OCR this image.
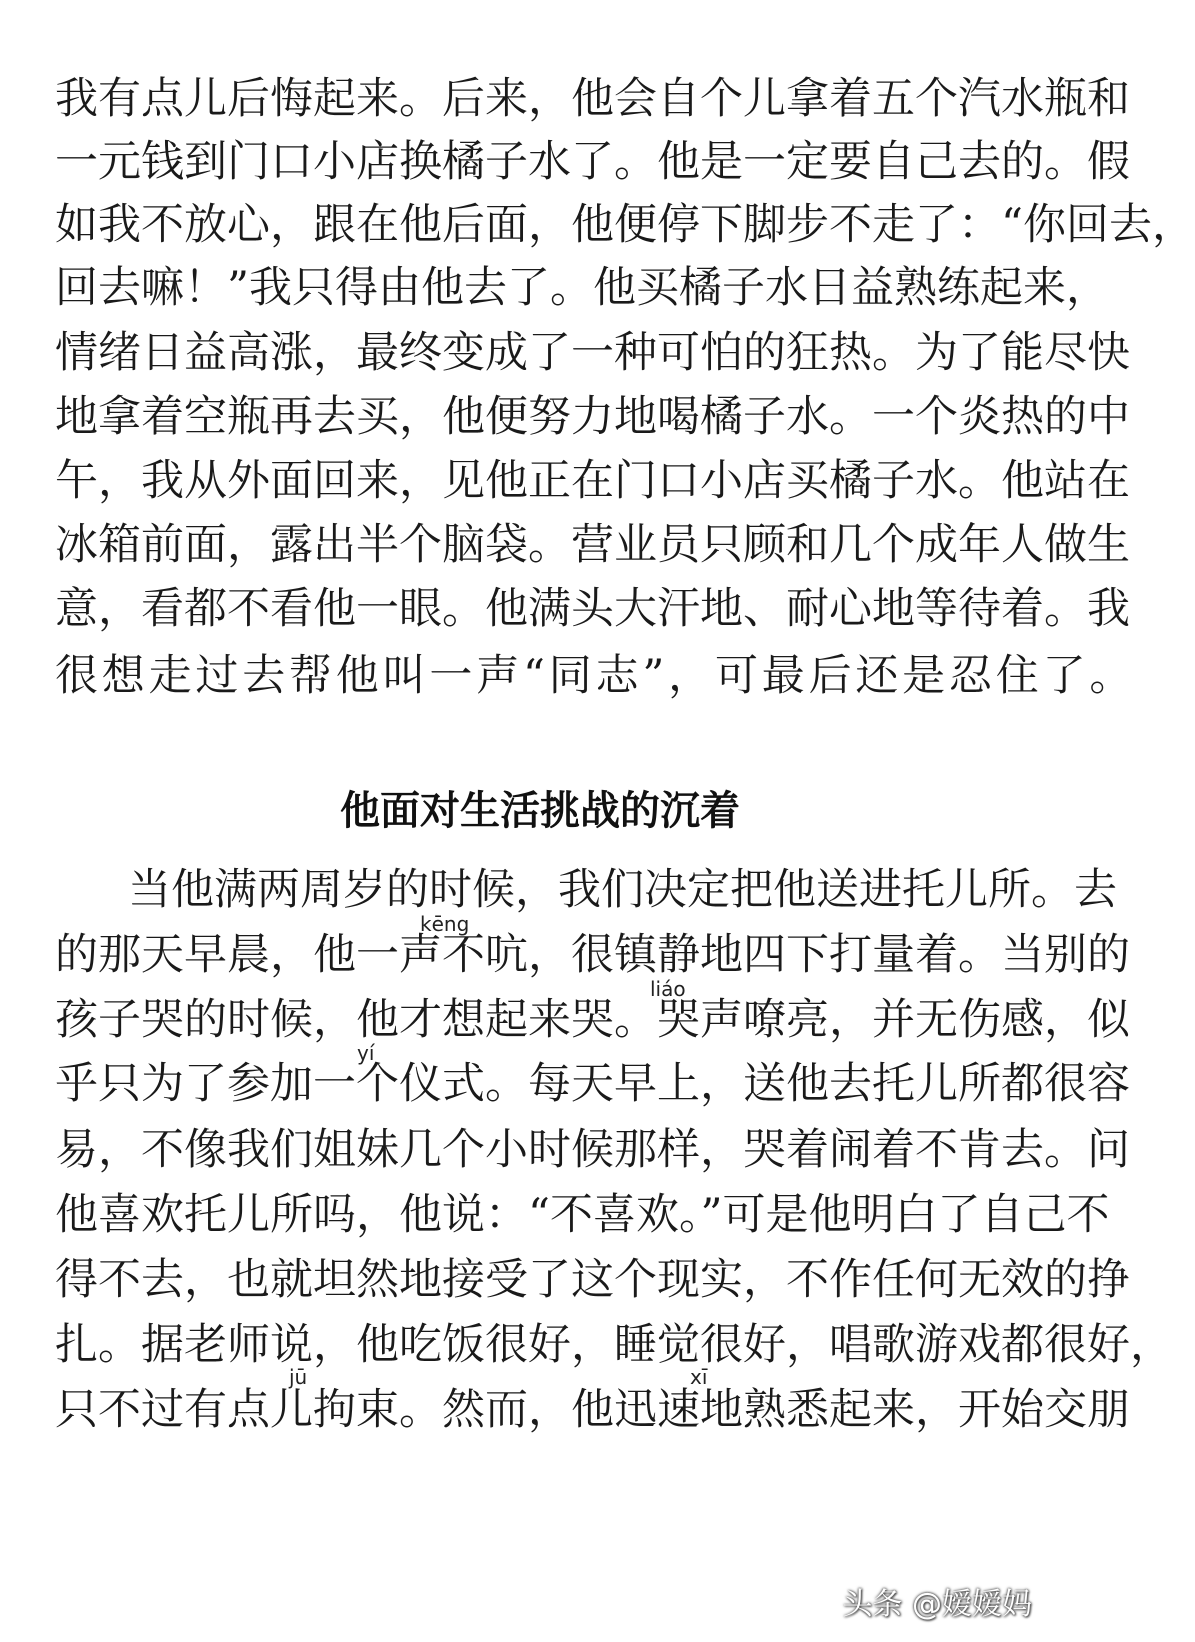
我有点儿后悔起来。后来，他会自个儿拿着五个汽水瓶和
一元钱到门口小店换橘子水了。他是一定要自己去的。假
如我不放心，跟在他后面，他便停下脚步不走了：“你回去，
回去嘛！”我只得由他去了。他买橘子水日益熟练起来，
情绪日益高涨，最终变成了一种可怕的狂热。为了能尽快
地拿着空瓶再去买，他便努力地喝橘子水。一个炎热的中
午，我从外面回来，见他正在门口小店买橘子水。他站在
冰箱前面，露出半个脑袋。营业员只顾和几个成年人做生
意，看都不看他一眼。他满头大汗地、耐心地等待着。我
很想走过去帮他叫一声“同志”，可最后还是忍住了。
他面对生活挑战的沉着
当他满两周岁的时候，我们决定把他送进托儿所。去
的那天早晨，他一声不吭，很镇静地四下打量着。当别的
孩子哭的时候，他才想起来哭。哭声嘹亮，并无伤感，似
乎只为了参加一个仪式。每天早上，送他去托儿所都很容
易，不像我们姐妹几个小时候那样，哭着闹着不肯去。问
他喜欢托儿所吗，他说：“不喜欢。”可是他明白了自己不
得不去，也就坦然地接受了这个现实，不作任何无效的挣
扎。据老师说，他吃饭很好，睡觉很好，唱歌游戏都很好，
只不过有点儿拘束。然而，他迅速地熟悉起来，开始交朋
kēng
liáo
yí
jū	xī
头条 @嫒嫒妈
